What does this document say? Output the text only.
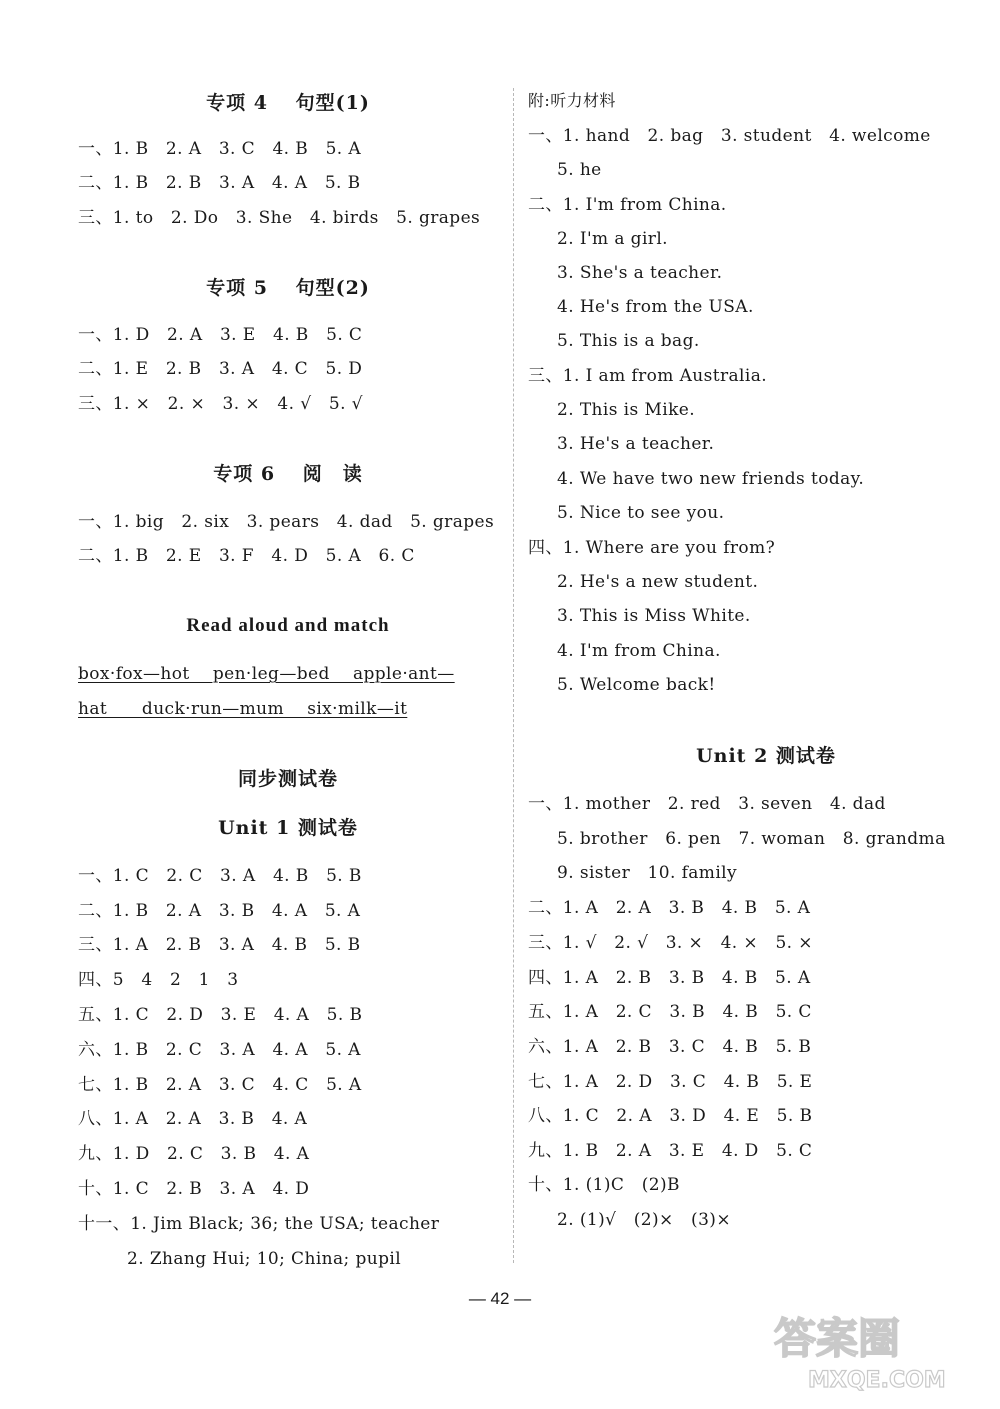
专项 4　 句型(1)
一、1. B　2. A　3. C　4. B　5. A
二、1. B　2. B　3. A　4. A　5. B
三、1. to　2. Do　3. She　4. birds　5. grapes
专项 5　 句型(2)
一、1. D　2. A　3. E　4. B　5. C
二、1. E　2. B　3. A　4. C　5. D
三、1. ×　2. ×　3. ×　4. √　5. √
专项 6　 阅　读
一、1. big　2. six　3. pears　4. dad　5. grapes
二、1. B　2. E　3. F　4. D　5. A　6. C
Read aloud and match
box·fox—hot　 pen·leg—bed　 apple·ant—
hat　　duck·run—mum　 six·milk—it
同步测试卷
Unit 1 测试卷
一、1. C　2. C　3. A　4. B　5. B
二、1. B　2. A　3. B　4. A　5. A
三、1. A　2. B　3. A　4. B　5. B
四、5　4　2　1　3
五、1. C　2. D　3. E　4. A　5. B
六、1. B　2. C　3. A　4. A　5. A
七、1. B　2. A　3. C　4. C　5. A
八、1. A　2. A　3. B　4. A
九、1. D　2. C　3. B　4. A
十、1. C　2. B　3. A　4. D
十一、1. Jim Black; 36; the USA; teacher
2. Zhang Hui; 10; China; pupil
附:听力材料
一、1. hand　2. bag　3. student　4. welcome
5. he
二、1. I'm from China.
2. I'm a girl.
3. She's a teacher.
4. He's from the USA.
5. This is a bag.
三、1. I am from Australia.
2. This is Mike.
3. He's a teacher.
4. We have two new friends today.
5. Nice to see you.
四、1. Where are you from?
2. He's a new student.
3. This is Miss White.
4. I'm from China.
5. Welcome back!
Unit 2 测试卷
一、1. mother　2. red　3. seven　4. dad
5. brother　6. pen　7. woman　8. grandma
9. sister　10. family
二、1. A　2. A　3. B　4. B　5. A
三、1. √　2. √　3. ×　4. ×　5. ×
四、1. A　2. B　3. B　4. B　5. A
五、1. A　2. C　3. B　4. B　5. C
六、1. A　2. B　3. C　4. B　5. B
七、1. A　2. D　3. C　4. B　5. E
八、1. C　2. A　3. D　4. E　5. B
九、1. B　2. A　3. E　4. D　5. C
十、1. (1)C　(2)B
2. (1)√　(2)×　(3)×
— 42 —
答案圈
MXQE.COM
